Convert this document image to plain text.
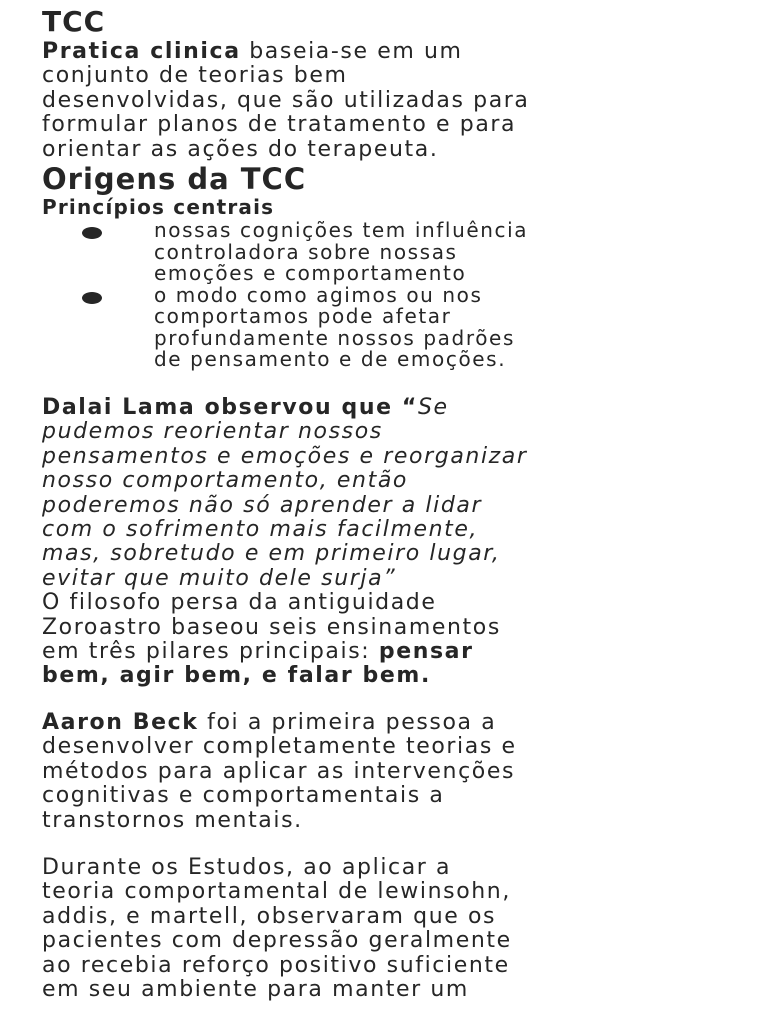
TCC
Pratica clinica baseia-se em um
conjunto de teorias bem
desenvolvidas, que são utilizadas para
formular planos de tratamento e para
orientar as ações do terapeuta.
Origens da TCC
Princípios centrais
nossas cognições tem influência
controladora sobre nossas
emoções e comportamento
o modo como agimos ou nos
comportamos pode afetar
profundamente nossos padrões
de pensamento e de emoções.
Dalai Lama observou que “Se
pudemos reorientar nossos
pensamentos e emoções e reorganizar
nosso comportamento, então
poderemos não só aprender a lidar
com o sofrimento mais facilmente,
mas, sobretudo e em primeiro lugar,
evitar que muito dele surja”
O filosofo persa da antiguidade
Zoroastro baseou seis ensinamentos
em três pilares principais: pensar
bem, agir bem, e falar bem.
Aaron Beck foi a primeira pessoa a
desenvolver completamente teorias e
métodos para aplicar as intervenções
cognitivas e comportamentais a
transtornos mentais.
Durante os Estudos, ao aplicar a
teoria comportamental de lewinsohn,
addis, e martell, observaram que os
pacientes com depressão geralmente
ao recebia reforço positivo suficiente
em seu ambiente para manter um
